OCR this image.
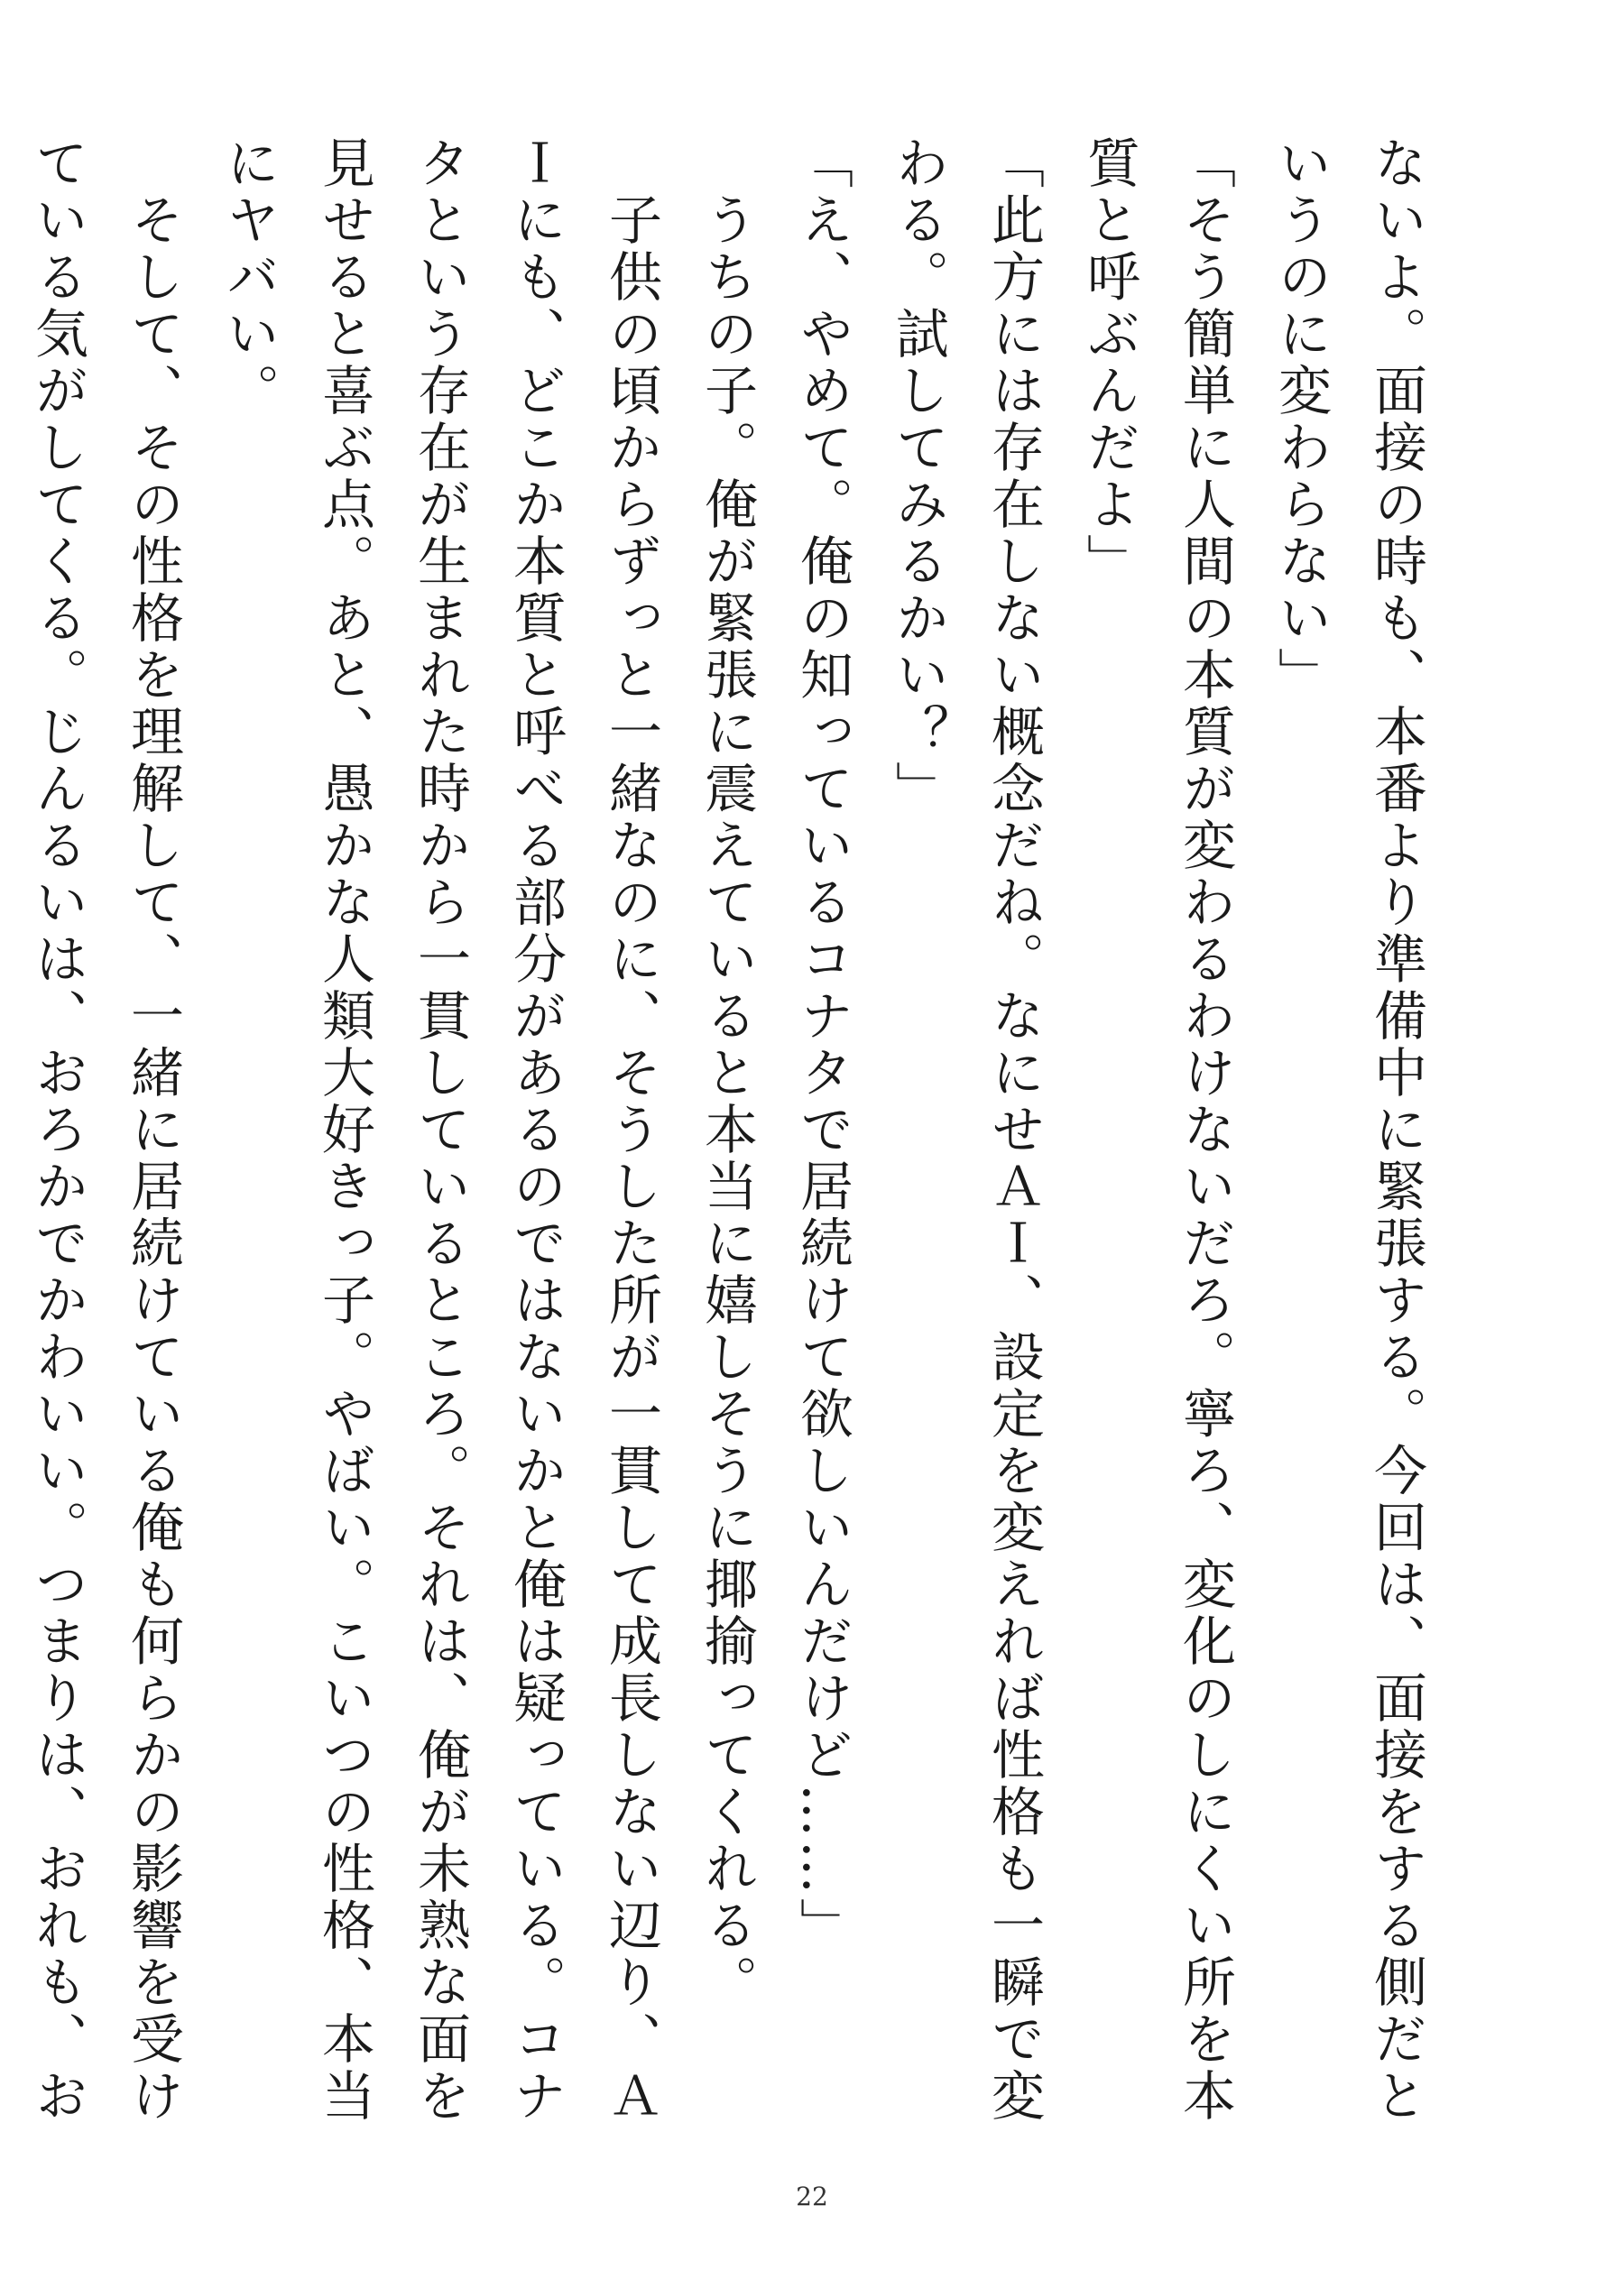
ないよ。面接の時も、本番より準備中に緊張する。今回は、面接をする側だというのに変わらない」

「そう簡単に人間の本質が変わるわけないだろ。寧ろ、変化のしにくい所を本質と呼ぶんだよ」

「此方には存在しない概念だね。なにせＡＩ、設定を変えれば性格も一瞬で変わる。試してみるかい？」

「え、やめて。俺の知っているコナタで居続けて欲しいんだけど……」

　うちの子。俺が緊張に震えていると本当に嬉しそうに揶揄ってくれる。

　子供の頃からずっと一緒なのに、そうした所が一貫して成長しない辺り、ＡＩにも、どこか本質と呼べる部分があるのではないかと俺は疑っている。コナタという存在が生まれた時から一貫しているところ。それは、俺が未熟な面を見せると喜ぶ点。あと、愚かな人類大好きっ子。やばい。こいつの性格、本当にヤバい。

　そして、その性格を理解して、一緒に居続けている俺も何らかの影響を受けている気がしてくる。じんるいは、おろかでかわいい。つまりは、おれも、お

22
